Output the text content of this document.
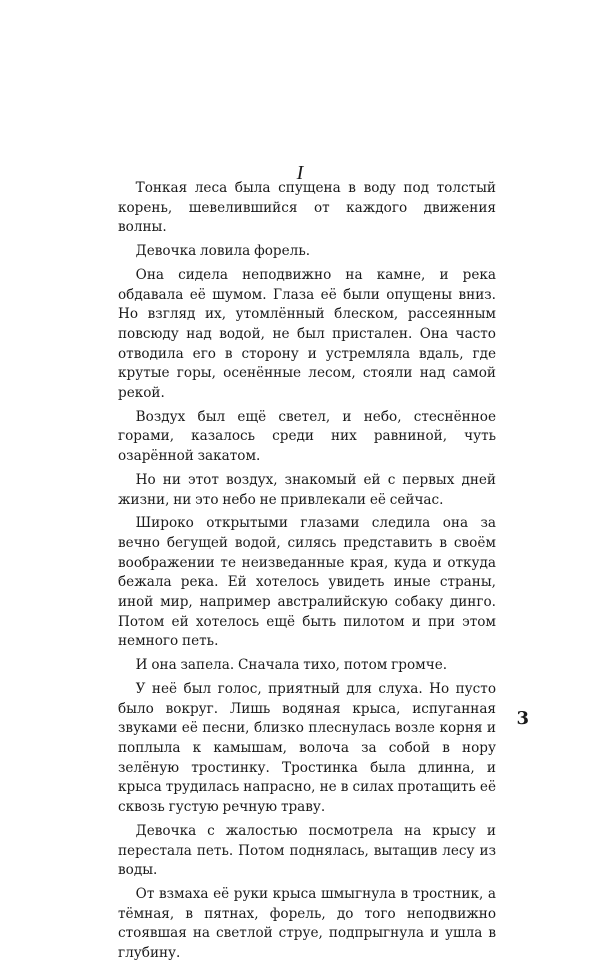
I

Тонкая леса была спущена в воду под толстый корень, шевелившийся от каждого движения волны.

Девочка ловила форель.

Она сидела неподвижно на камне, и река обдавала её шумом. Глаза её были опущены вниз. Но взгляд их, утомлённый блеском, рассеянным повсюду над водой, не был пристален. Она часто отводила его в сторону и устремляла вдаль, где крутые горы, осенённые лесом, стояли над самой рекой.

Воздух был ещё светел, и небо, стеснённое горами, казалось среди них равниной, чуть озарённой закатом.

Но ни этот воздух, знакомый ей с первых дней жизни, ни это небо не привлекали её сейчас.

Широко открытыми глазами следила она за вечно бегущей водой, силясь представить в своём воображении те неизведанные края, куда и откуда бежала река. Ей хотелось увидеть иные страны, иной мир, например австралийскую собаку динго. Потом ей хотелось ещё быть пилотом и при этом немного петь.

И она запела. Сначала тихо, потом громче.

У неё был голос, приятный для слуха. Но пусто было вокруг. Лишь водяная крыса, испуганная звуками её песни, близко плеснулась возле корня и поплыла к камышам, волоча за собой в нору зелёную тростинку. Тростинка была длинна, и крыса трудилась напрасно, не в силах протащить её сквозь густую речную траву.

Девочка с жалостью посмотрела на крысу и перестала петь. Потом поднялась, вытащив лесу из воды.

От взмаха её руки крыса шмыгнула в тростник, а тёмная, в пятнах, форель, до того неподвижно стоявшая на светлой струе, подпрыгнула и ушла в глубину.

3
